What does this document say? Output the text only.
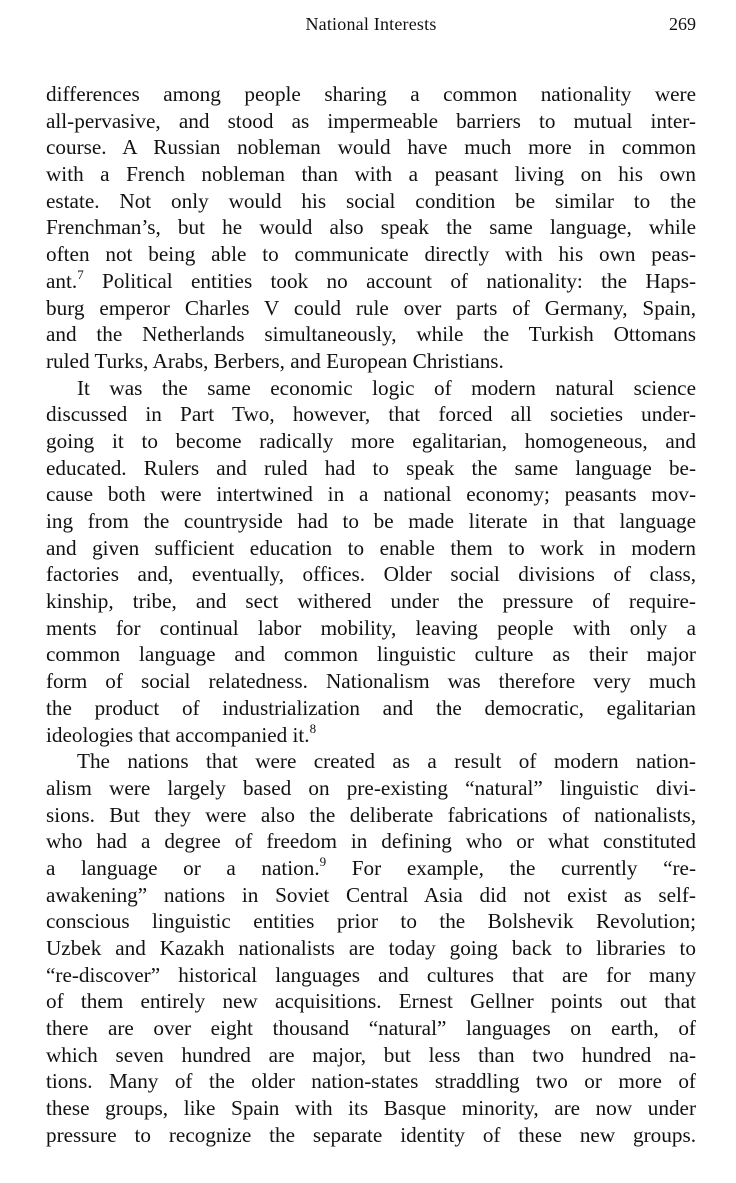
National Interests	269
differences among people sharing a common nationality were
all-pervasive, and stood as impermeable barriers to mutual inter-
course. A Russian nobleman would have much more in common
with a French nobleman than with a peasant living on his own
estate. Not only would his social condition be similar to the
Frenchman’s, but he would also speak the same language, while
often not being able to communicate directly with his own peas-
ant.$^7$ Political entities took no account of nationality: the Haps-
burg emperor Charles V could rule over parts of Germany, Spain,
and the Netherlands simultaneously, while the Turkish Ottomans
ruled Turks, Arabs, Berbers, and European Christians.
It was the same economic logic of modern natural science
discussed in Part Two, however, that forced all societies under-
going it to become radically more egalitarian, homogeneous, and
educated. Rulers and ruled had to speak the same language be-
cause both were intertwined in a national economy; peasants mov-
ing from the countryside had to be made literate in that language
and given sufficient education to enable them to work in modern
factories and, eventually, offices. Older social divisions of class,
kinship, tribe, and sect withered under the pressure of require-
ments for continual labor mobility, leaving people with only a
common language and common linguistic culture as their major
form of social relatedness. Nationalism was therefore very much
the product of industrialization and the democratic, egalitarian
ideologies that accompanied it.$^8$
The nations that were created as a result of modern nation-
alism were largely based on pre-existing “natural” linguistic divi-
sions. But they were also the deliberate fabrications of nationalists,
who had a degree of freedom in defining who or what constituted
a language or a nation.$^9$ For example, the currently “re-
awakening” nations in Soviet Central Asia did not exist as self-
conscious linguistic entities prior to the Bolshevik Revolution;
Uzbek and Kazakh nationalists are today going back to libraries to
“re-discover” historical languages and cultures that are for many
of them entirely new acquisitions. Ernest Gellner points out that
there are over eight thousand “natural” languages on earth, of
which seven hundred are major, but less than two hundred na-
tions. Many of the older nation-states straddling two or more of
these groups, like Spain with its Basque minority, are now under
pressure to recognize the separate identity of these new groups.
